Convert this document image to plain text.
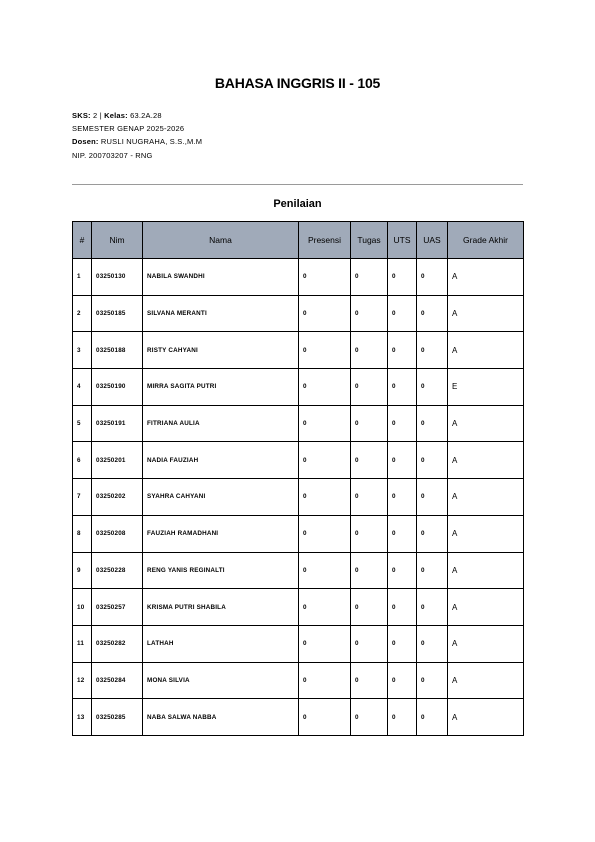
BAHASA INGGRIS II - 105
SKS: 2 | Kelas: 63.2A.28
SEMESTER GENAP 2025-2026
Dosen: RUSLI NUGRAHA, S.S.,M.M
NIP. 200703207 - RNG
Penilaian
#	Nim	Nama	Presensi	Tugas	UTS	UAS	Grade Akhir
1	03250130	NABILA SWANDHI	0	0	0	0	A
2	03250185	SILVANA MERANTI	0	0	0	0	A
3	03250188	RISTY CAHYANI	0	0	0	0	A
4	03250190	MIRRA SAGITA PUTRI	0	0	0	0	E
5	03250191	FITRIANA AULIA	0	0	0	0	A
6	03250201	NADIA FAUZIAH	0	0	0	0	A
7	03250202	SYAHRA CAHYANI	0	0	0	0	A
8	03250208	FAUZIAH RAMADHANI	0	0	0	0	A
9	03250228	RENG YANIS REGINALTI	0	0	0	0	A
10	03250257	KRISMA PUTRI SHABILA	0	0	0	0	A
11	03250282	LATHAH	0	0	0	0	A
12	03250284	MONA SILVIA	0	0	0	0	A
13	03250285	NABA SALWA NABBA	0	0	0	0	A
